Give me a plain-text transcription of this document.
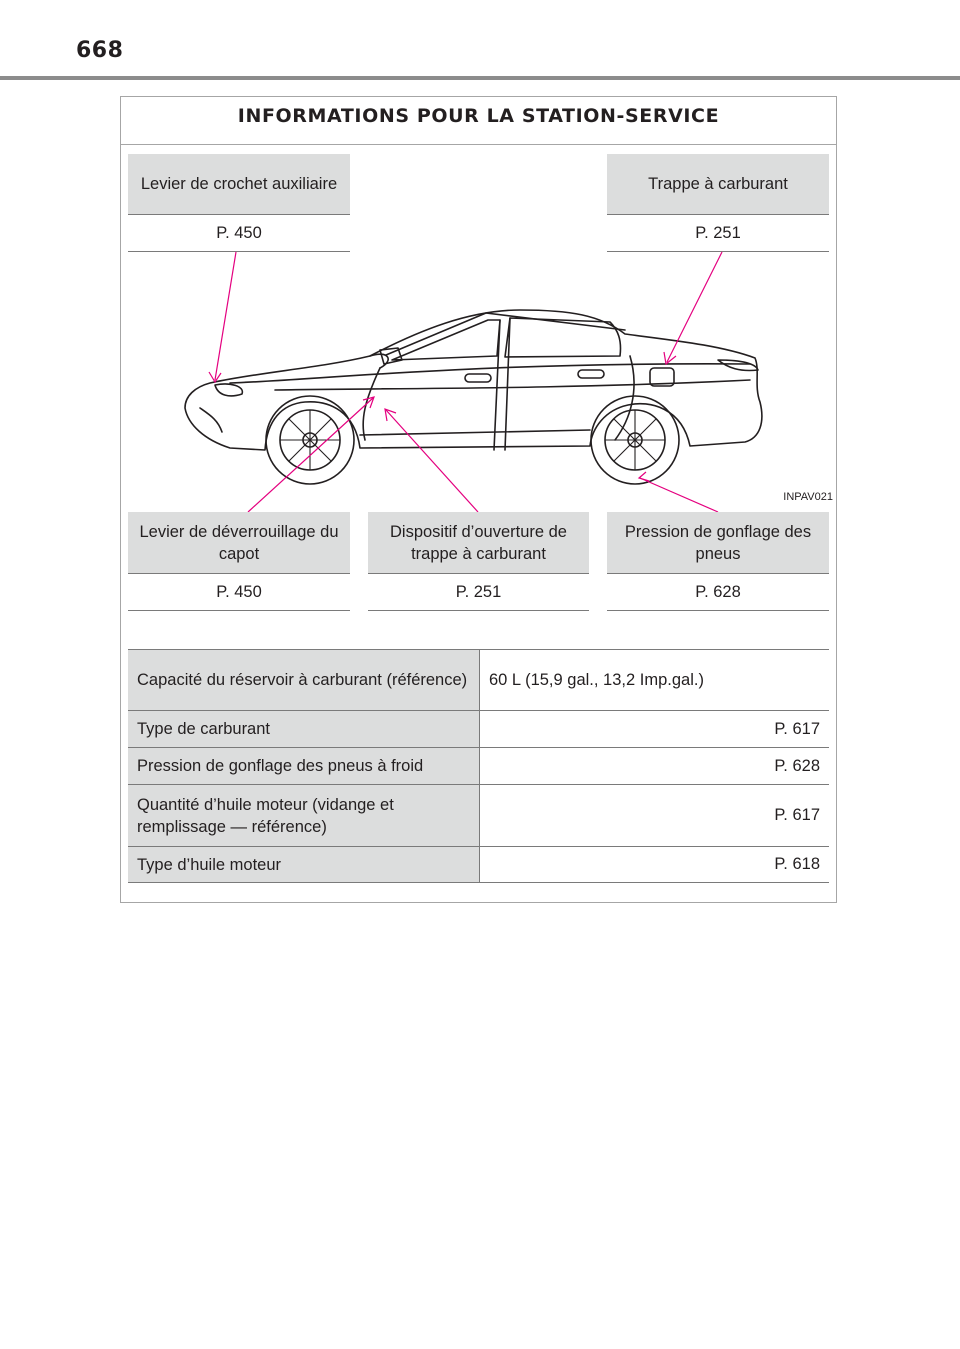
668
INFORMATIONS POUR LA STATION-SERVICE
Levier de crochet auxiliaire
P. 450
Trappe à carburant
P. 251
INPAV021
Levier de déverrouillage du capot
P. 450
Dispositif d’ouverture de trappe à carburant
P. 251
Pression de gonflage des pneus
P. 628
Capacité du réservoir à carburant (référence)	60 L (15,9 gal., 13,2 Imp.gal.)
Type de carburant	P. 617
Pression de gonflage des pneus à froid	P. 628
Quantité d’huile moteur (vidange et remplissage — référence)	P. 617
Type d’huile moteur	P. 618
